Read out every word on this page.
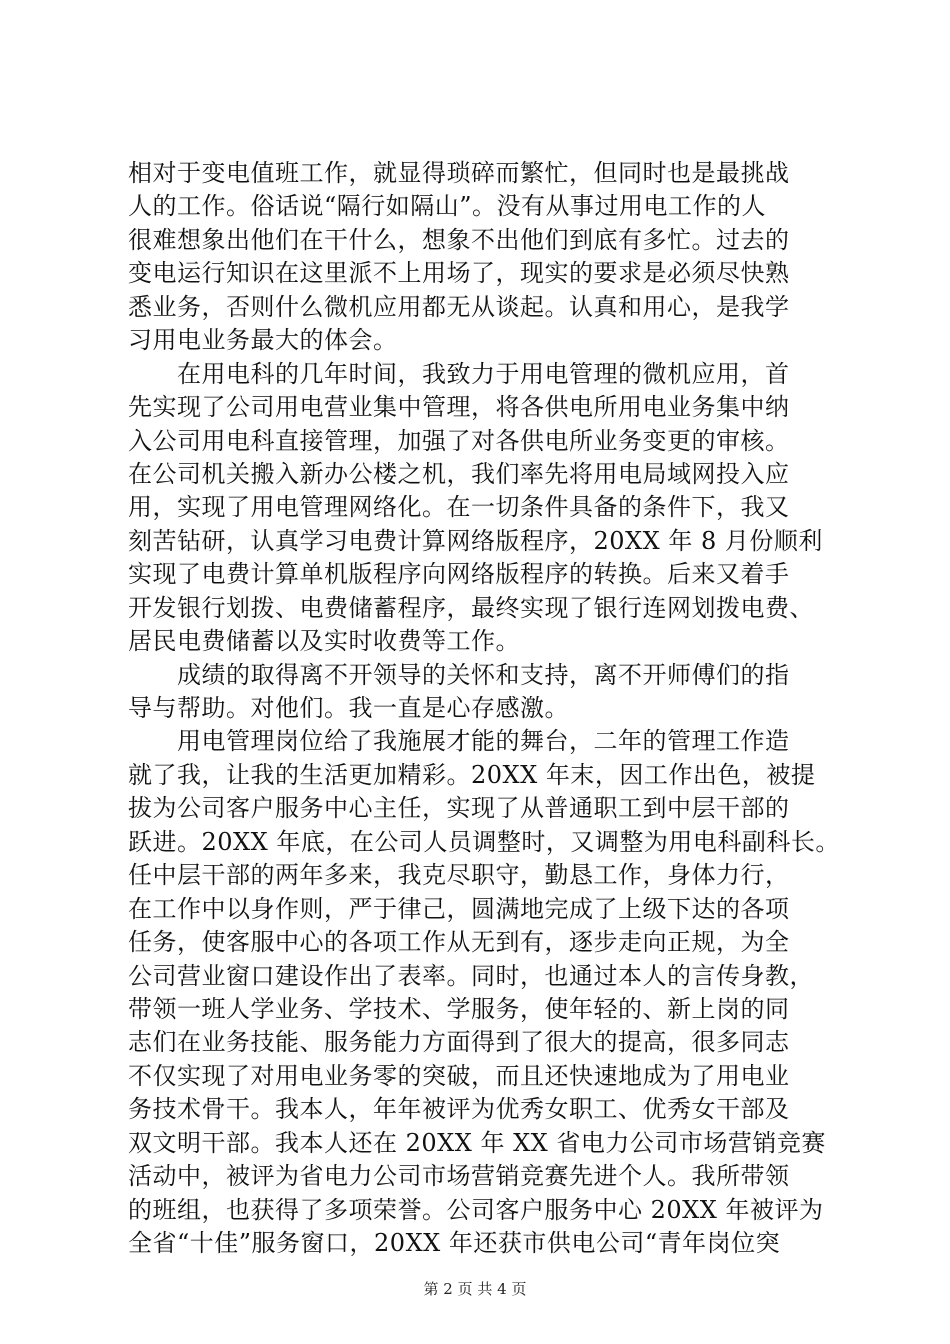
相对于变电值班工作，就显得琐碎而繁忙，但同时也是最挑战
人的工作。俗话说“隔行如隔山”。没有从事过用电工作的人
很难想象出他们在干什么，想象不出他们到底有多忙。过去的
变电运行知识在这里派不上用场了，现实的要求是必须尽快熟
悉业务，否则什么微机应用都无从谈起。认真和用心，是我学
习用电业务最大的体会。
　　在用电科的几年时间，我致力于用电管理的微机应用，首
先实现了公司用电营业集中管理，将各供电所用电业务集中纳
入公司用电科直接管理，加强了对各供电所业务变更的审核。
在公司机关搬入新办公楼之机，我们率先将用电局域网投入应
用，实现了用电管理网络化。在一切条件具备的条件下，我又
刻苦钻研，认真学习电费计算网络版程序，20XX 年 8 月份顺利
实现了电费计算单机版程序向网络版程序的转换。后来又着手
开发银行划拨、电费储蓄程序，最终实现了银行连网划拨电费、
居民电费储蓄以及实时收费等工作。
　　成绩的取得离不开领导的关怀和支持，离不开师傅们的指
导与帮助。对他们。我一直是心存感激。
　　用电管理岗位给了我施展才能的舞台，二年的管理工作造
就了我，让我的生活更加精彩。20XX 年末，因工作出色，被提
拔为公司客户服务中心主任，实现了从普通职工到中层干部的
跃进。20XX 年底，在公司人员调整时，又调整为用电科副科长。
任中层干部的两年多来，我克尽职守，勤恳工作，身体力行，
在工作中以身作则，严于律己，圆满地完成了上级下达的各项
任务，使客服中心的各项工作从无到有，逐步走向正规，为全
公司营业窗口建设作出了表率。同时，也通过本人的言传身教，
带领一班人学业务、学技术、学服务，使年轻的、新上岗的同
志们在业务技能、服务能力方面得到了很大的提高，很多同志
不仅实现了对用电业务零的突破，而且还快速地成为了用电业
务技术骨干。我本人，年年被评为优秀女职工、优秀女干部及
双文明干部。我本人还在 20XX 年 XX 省电力公司市场营销竞赛
活动中，被评为省电力公司市场营销竞赛先进个人。我所带领
的班组，也获得了多项荣誉。公司客户服务中心 20XX 年被评为
全省“十佳”服务窗口，20XX 年还获市供电公司“青年岗位突
第 2 页 共 4 页
